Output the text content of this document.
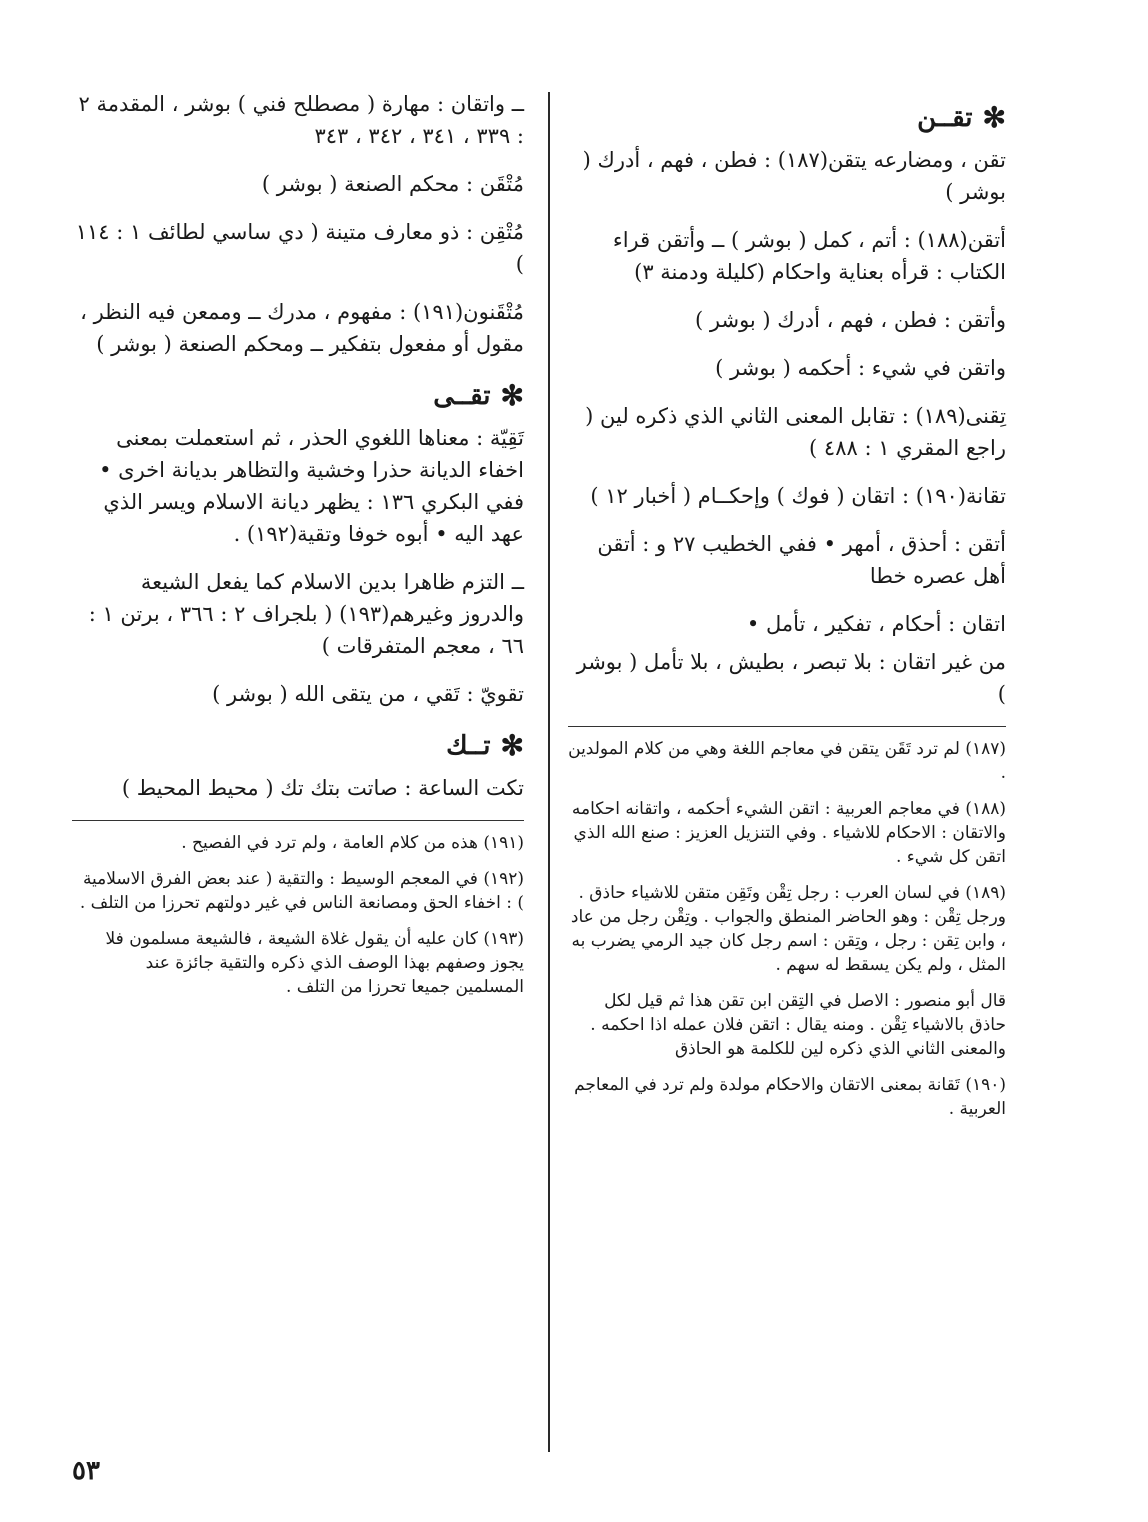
✻
تقــن

تقن ، ومضارعه يتقن(١٨٧) : فطن ، فهم ، أدرك ( بوشر )

أتقن(١٨٨) : أتم ، كمل ( بوشر ) ــ وأتقن قراء الكتاب : قرأه بعناية واحكام (كليلة ودمنة ٣)

وأتقن : فطن ، فهم ، أدرك ( بوشر )

واتقن في شيء : أحكمه ( بوشر )

تِقنى(١٨٩) : تقابل المعنى الثاني الذي ذكره لين ( راجع المقري ١ : ٤٨٨ )

تقانة(١٩٠) : اتقان ( فوك ) وإحكــام ( أخبار ١٢ )

أتقن : أحذق ، أمهر • ففي الخطيب ٢٧ و : أتقن أهل عصره خطا

اتقان : أحكام ، تفكير ، تأمل •

من غير اتقان : بلا تبصر ، بطيش ، بلا تأمل ( بوشر )

(١٨٧) لم ترد تَقَن يتقن في معاجم اللغة وهي من كلام المولدين .

(١٨٨) في معاجم العربية : اتقن الشيء أحكمه ، واتقانه احكامه والاتقان : الاحكام للاشياء . وفي التنزيل العزيز : صنع الله الذي اتقن كل شيء .

(١٨٩) في لسان العرب : رجل تِقْن وتَقِن متقن للاشياء حاذق . ورجل تِقْن : وهو الحاضر المنطق والجواب . وتِقْن رجل من عاد ، وابن تِقن : رجل ، وتِقن : اسم رجل كان جيد الرمي يضرب به المثل ، ولم يكن يسقط له سهم .

قال أبو منصور : الاصل في التِقن ابن تقن هذا ثم قيل لكل حاذق بالاشياء تِقْن . ومنه يقال : اتقن فلان عمله اذا احكمه . والمعنى الثاني الذي ذكره لين للكلمة هو الحاذق

(١٩٠) تَقانة بمعنى الاتقان والاحكام مولدة ولم ترد في المعاجم العربية .

ــ واتقان : مهارة ( مصطلح فني ) بوشر ، المقدمة ٢ : ٣٣٩ ، ٣٤١ ، ٣٤٢ ، ٣٤٣

مُتْقَن : محكم الصنعة ( بوشر )

مُتْقِن : ذو معارف متينة ( دي ساسي لطائف ١ : ١١٤ )

مُتْقَنون(١٩١) : مفهوم ، مدرك ــ وممعن فيه النظر ، مقول أو مفعول بتفكير ــ ومحكم الصنعة ( بوشر )

✻
تقــى

تَقِيّة : معناها اللغوي الحذر ، ثم استعملت بمعنى اخفاء الديانة حذرا وخشية والتظاهر بديانة اخرى • ففي البكري ١٣٦ : يظهر ديانة الاسلام ويسر الذي عهد اليه • أبوه خوفا وتقية(١٩٢) .

ــ التزم ظاهرا بدين الاسلام كما يفعل الشيعة والدروز وغيرهم(١٩٣) ( بلجراف ٢ : ٣٦٦ ، برتن ١ : ٦٦ ، معجم المتفرقات )

تقويّ : تَقي ، من يتقى الله ( بوشر )

✻
تــك

تكت الساعة : صاتت بتك تك ( محيط المحيط )

(١٩١) هذه من كلام العامة ، ولم ترد في الفصيح .

(١٩٢) في المعجم الوسيط : والتقية ( عند بعض الفرق الاسلامية ) : اخفاء الحق ومصانعة الناس في غير دولتهم تحرزا من التلف .

(١٩٣) كان عليه أن يقول غلاة الشيعة ، فالشيعة مسلمون فلا يجوز وصفهم بهذا الوصف الذي ذكره والتقية جائزة عند المسلمين جميعا تحرزا من التلف .

٥٣
